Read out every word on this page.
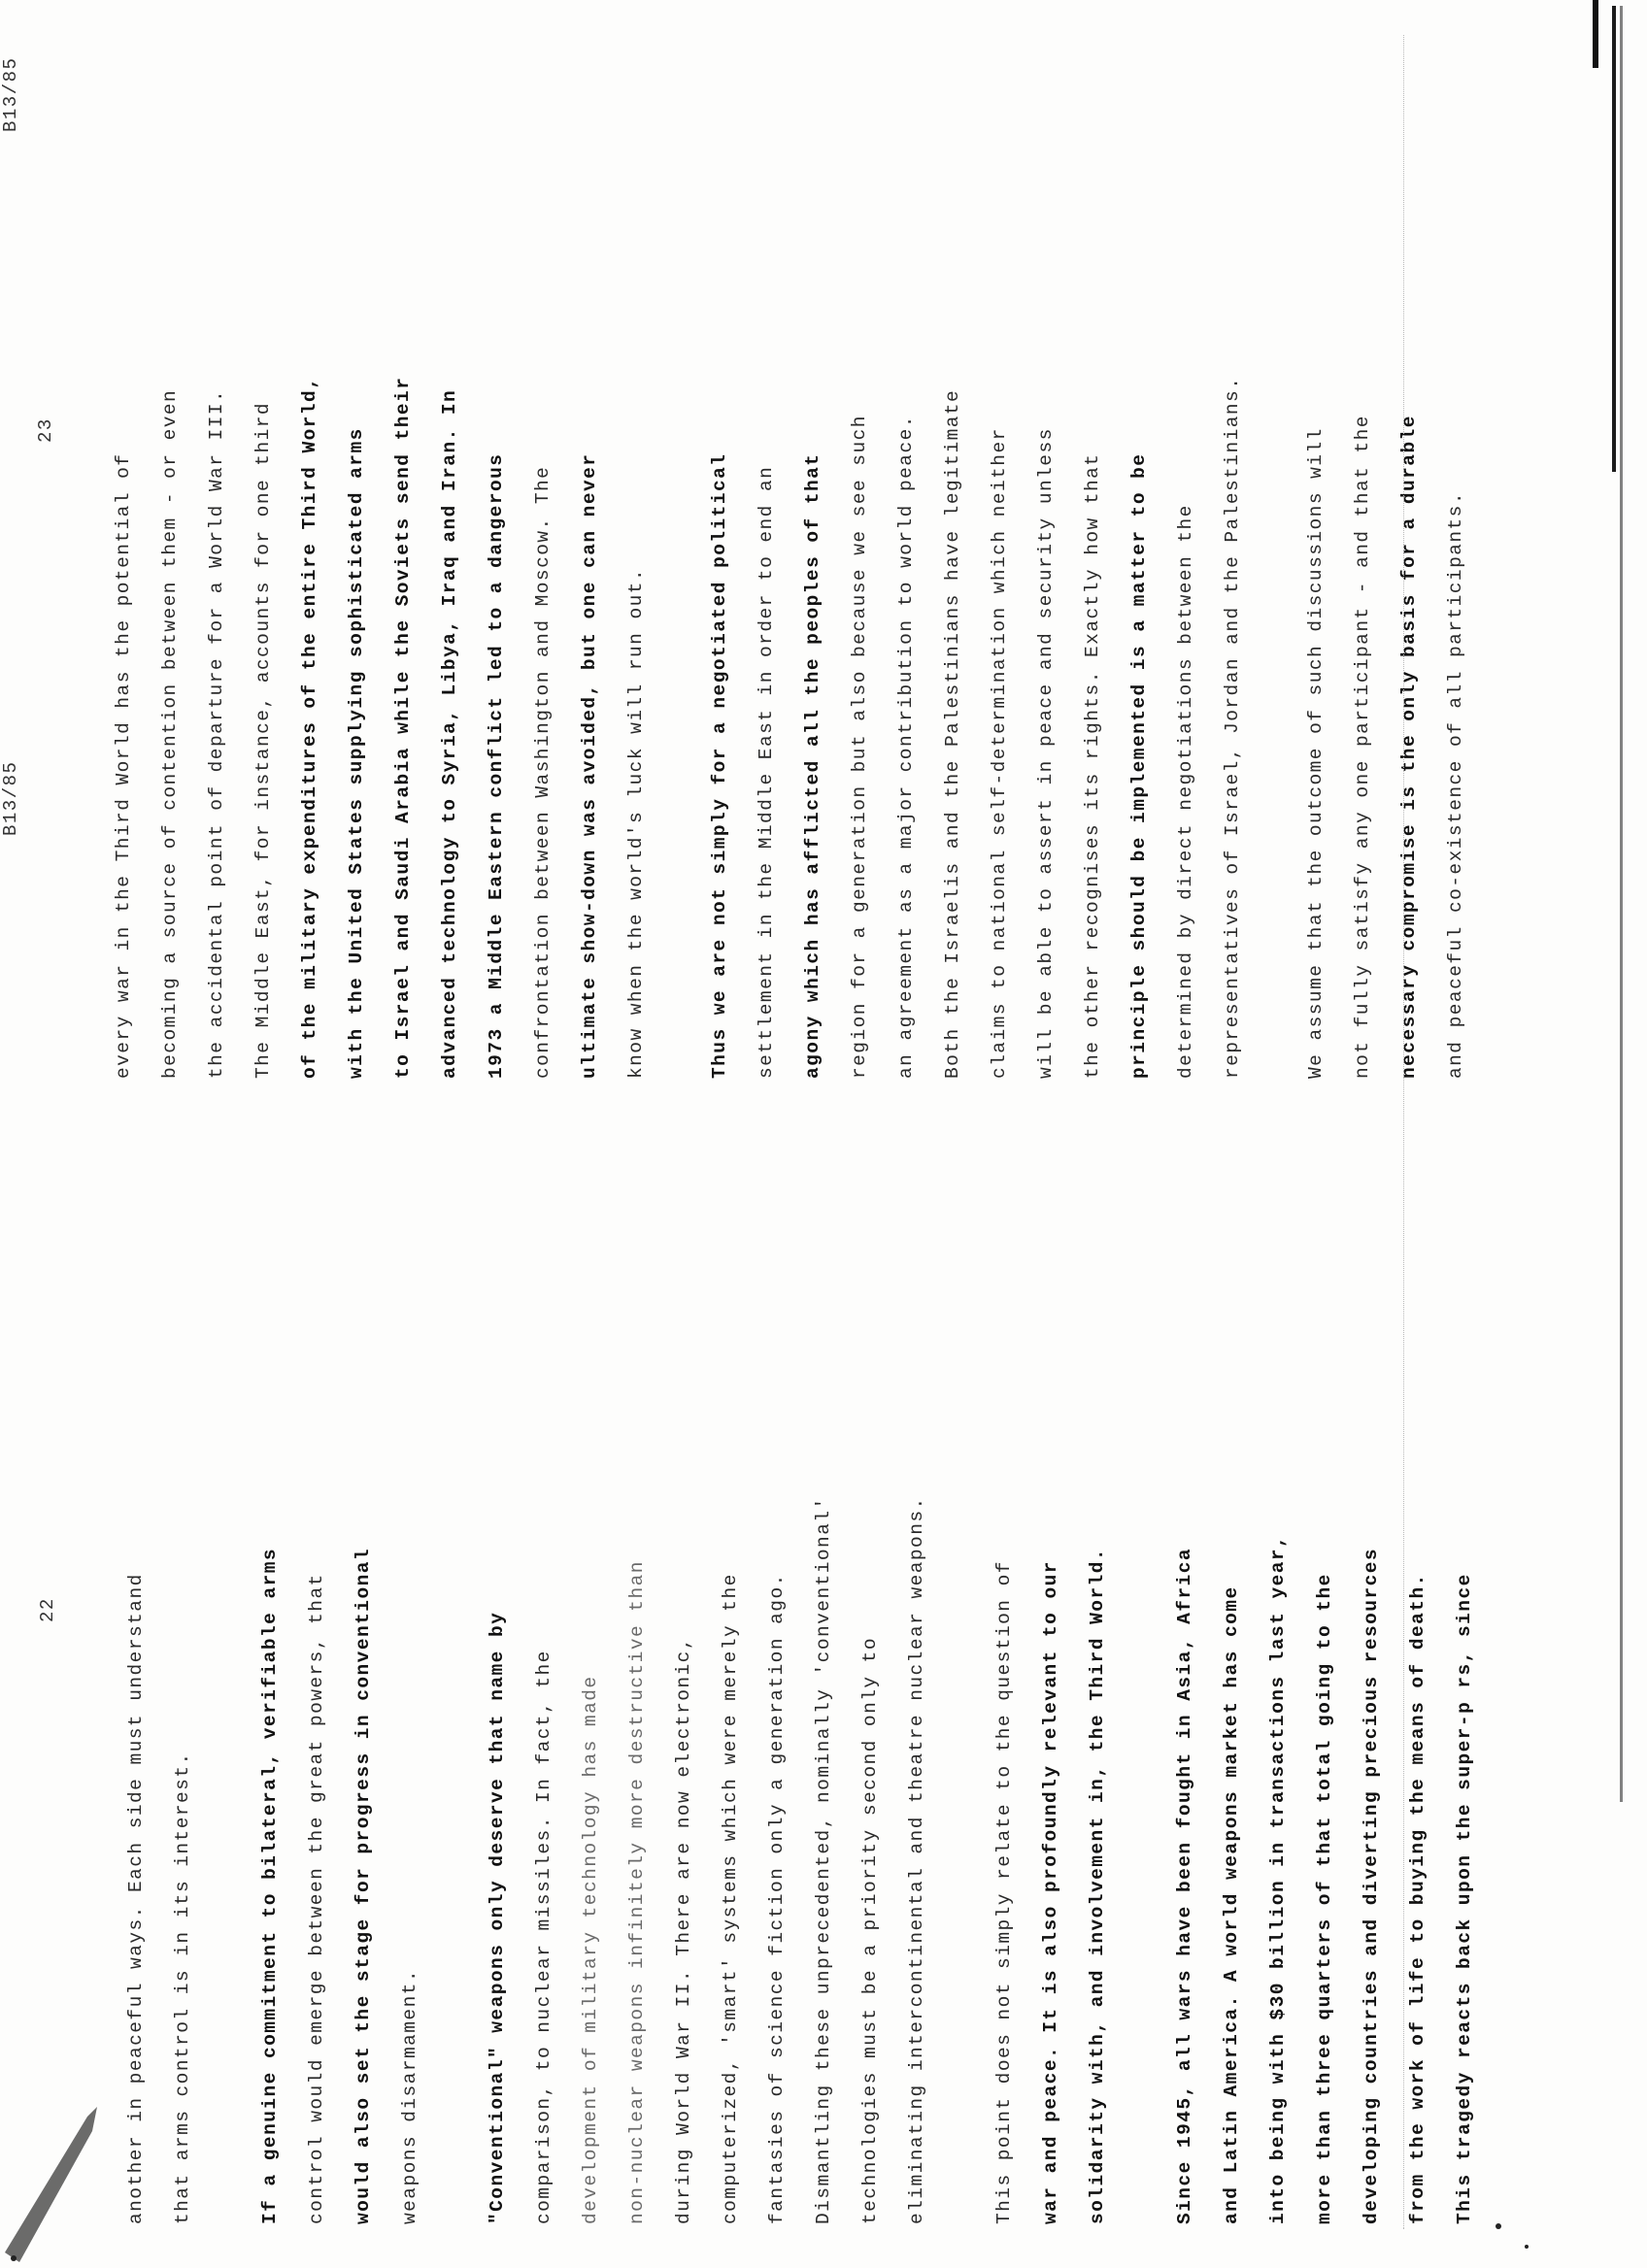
22

B13/85

another in peaceful ways. Each side must understand	that arms control is in its interest.	If a genuine commitment to bilateral, verifiable arms	control would emerge between the great powers, that	would also set the stage for progress in conventional	weapons disarmament.	"Conventional" weapons only deserve that name by	comparison, to nuclear missiles. In fact, the	development of military technology has made	non-nuclear weapons infinitely more destructive than	during World War II. There are now electronic,	computerized, 'smart' systems which were merely the	fantasies of science fiction only a generation ago.	Dismantling these unprecedented, nominally 'conventional'	technologies must be a priority second only to	eliminating intercontinental and theatre nuclear weapons.	This point does not simply relate to the question of	war and peace. It is also profoundly relevant to our	solidarity with, and involvement in, the Third World.	Since 1945, all wars have been fought in Asia, Africa	and Latin America. A world weapons market has come	into being with $30 billion in transactions last year,	more than three quarters of that total going to the	developing countries and diverting precious resources	from the work of life to buying the means of death.	This tragedy reacts back upon the super-p rs, since

23

B13/85

every war in the Third World has the potential of	becoming a source of contention between them - or even	the accidental point of departure for a World War III.	The Middle East, for instance, accounts for one third	of the military expenditures of the entire Third World,	with the United States supplying sophisticated arms	to Israel and Saudi Arabia while the Soviets send their	advanced technology to Syria, Libya, Iraq and Iran. In	1973 a Middle Eastern conflict led to a dangerous	confrontation between Washington and Moscow. The	ultimate show-down was avoided, but one can never	know when the world's luck will run out.	Thus we are not simply for a negotiated political	settlement in the Middle East in order to end an	agony which has afflicted all the peoples of that	region for a generation but also because we see such	an agreement as a major contribution to world peace.	Both the Israelis and the Palestinians have legitimate	claims to national self-determination which neither	will be able to assert in peace and security unless	the other recognises its rights. Exactly how that	principle should be implemented is a matter to be	determined by direct negotiations between the	representatives of Israel, Jordan and the Palestinians.	We assume that the outcome of such discussions will	not fully satisfy any one participant - and that the	necessary compromise is the only basis for a durable	and peaceful co-existence of all participants.
